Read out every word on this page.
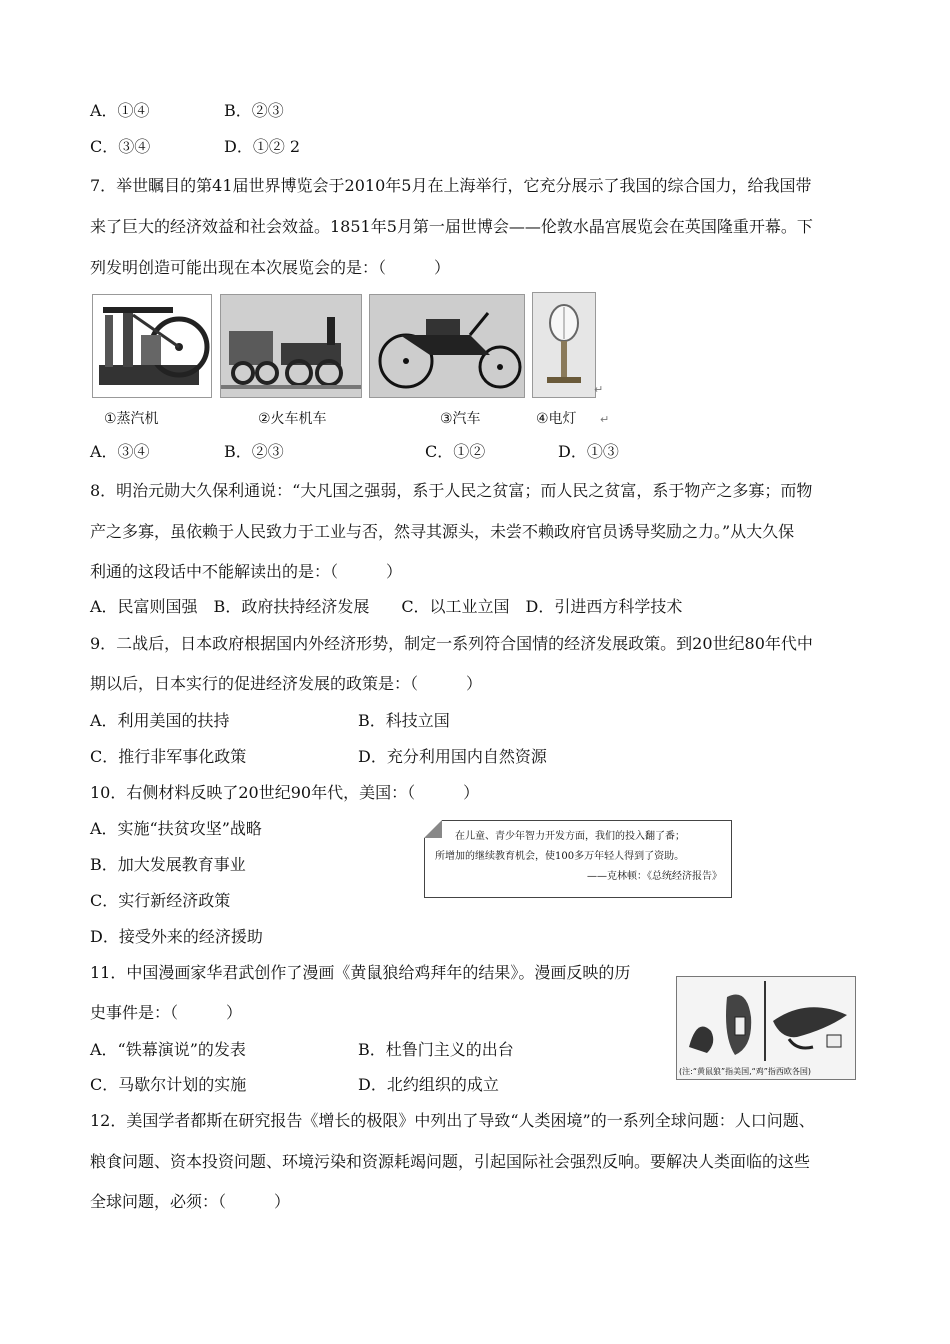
A．①④	B．②③
C．③④	D．①② 2
7．举世瞩目的第41届世界博览会于2010年5月在上海举行，它充分展示了我国的综合国力，给我国带
来了巨大的经济效益和社会效益。1851年5月第一届世博会——伦敦水晶宫展览会在英国隆重开幕。下
列发明创造可能出现在本次展览会的是：（　　　）
↵
①蒸汽机	②火车机车	③汽车	④电灯 ↵
A．③④	B．②③	C．①②	D．①③
8．明治元勋大久保利通说：“大凡国之强弱，系于人民之贫富；而人民之贫富，系于物产之多寡；而物
产之多寡，虽依赖于人民致力于工业与否，然寻其源头，未尝不赖政府官员诱导奖励之力。”从大久保
利通的这段话中不能解读出的是：（　　　）
A．民富则国强　B．政府扶持经济发展　　C．以工业立国　D．引进西方科学技术
9．二战后，日本政府根据国内外经济形势，制定一系列符合国情的经济发展政策。到20世纪80年代中
期以后，日本实行的促进经济发展的政策是：（　　　）
A．利用美国的扶持	B．科技立国
C．推行非军事化政策	D．充分利用国内自然资源
10．右侧材料反映了20世纪90年代，美国：（　　　）
A．实施“扶贫攻坚”战略
B．加大发展教育事业
C．实行新经济政策
D．接受外来的经济援助
在儿童、青少年智力开发方面，我们的投入翻了番；
所增加的继续教育机会，使100多万年轻人得到了资助。
——克林顿：《总统经济报告》
11．中国漫画家华君武创作了漫画《黄鼠狼给鸡拜年的结果》。漫画反映的历
史事件是：（　　　）
A．“铁幕演说”的发表	B．杜鲁门主义的出台
C．马歇尔计划的实施	D．北约组织的成立
(注:“黄鼠狼”指美国,“鸡”指西欧各国)
12．美国学者都斯在研究报告《增长的极限》中列出了导致“人类困境”的一系列全球问题：人口问题、
粮食问题、资本投资问题、环境污染和资源耗竭问题，引起国际社会强烈反响。要解决人类面临的这些
全球问题，必须：（　　　）
